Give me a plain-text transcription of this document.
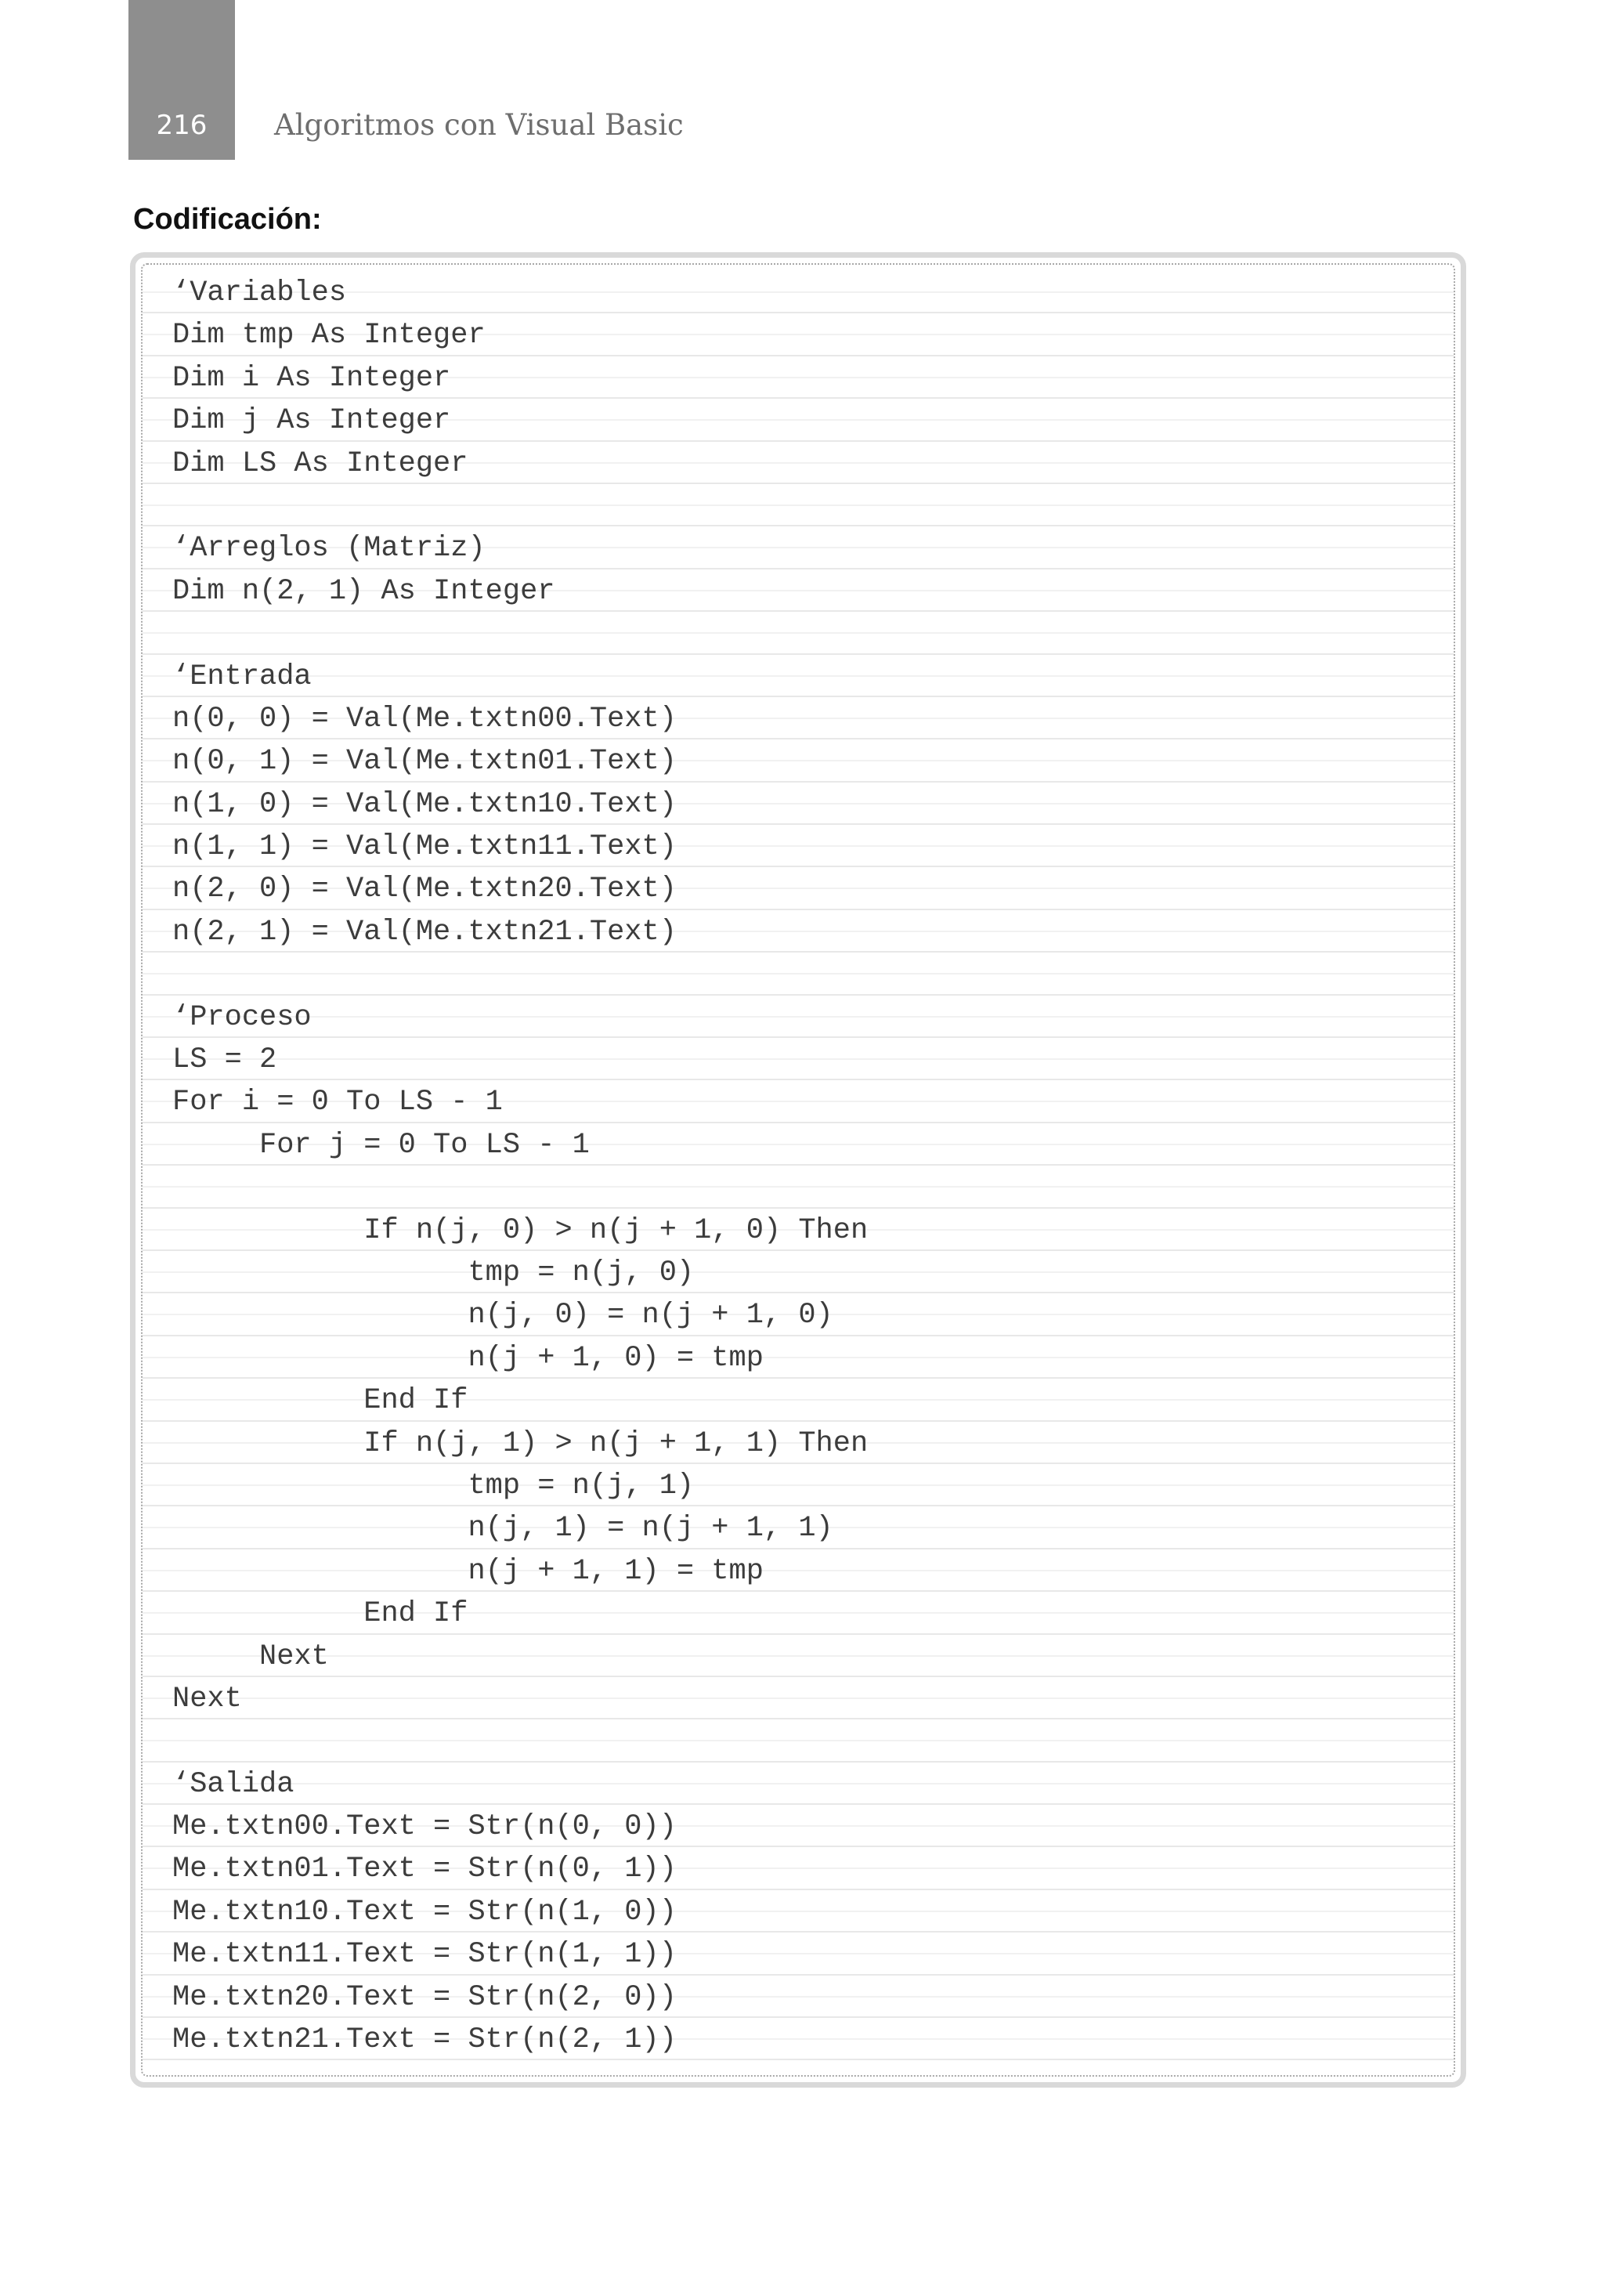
216	Algoritmos con Visual Basic
Codificación:
‘Variables
Dim tmp As Integer
Dim i As Integer
Dim j As Integer
Dim LS As Integer
‘Arreglos (Matriz)
Dim n(2, 1) As Integer
‘Entrada
n(0, 0) = Val(Me.txtn00.Text)
n(0, 1) = Val(Me.txtn01.Text)
n(1, 0) = Val(Me.txtn10.Text)
n(1, 1) = Val(Me.txtn11.Text)
n(2, 0) = Val(Me.txtn20.Text)
n(2, 1) = Val(Me.txtn21.Text)
‘Proceso
LS = 2
For i = 0 To LS - 1
For j = 0 To LS - 1
If n(j, 0) > n(j + 1, 0) Then
tmp = n(j, 0)
n(j, 0) = n(j + 1, 0)
n(j + 1, 0) = tmp
End If
If n(j, 1) > n(j + 1, 1) Then
tmp = n(j, 1)
n(j, 1) = n(j + 1, 1)
n(j + 1, 1) = tmp
End If
Next
Next
‘Salida
Me.txtn00.Text = Str(n(0, 0))
Me.txtn01.Text = Str(n(0, 1))
Me.txtn10.Text = Str(n(1, 0))
Me.txtn11.Text = Str(n(1, 1))
Me.txtn20.Text = Str(n(2, 0))
Me.txtn21.Text = Str(n(2, 1))
